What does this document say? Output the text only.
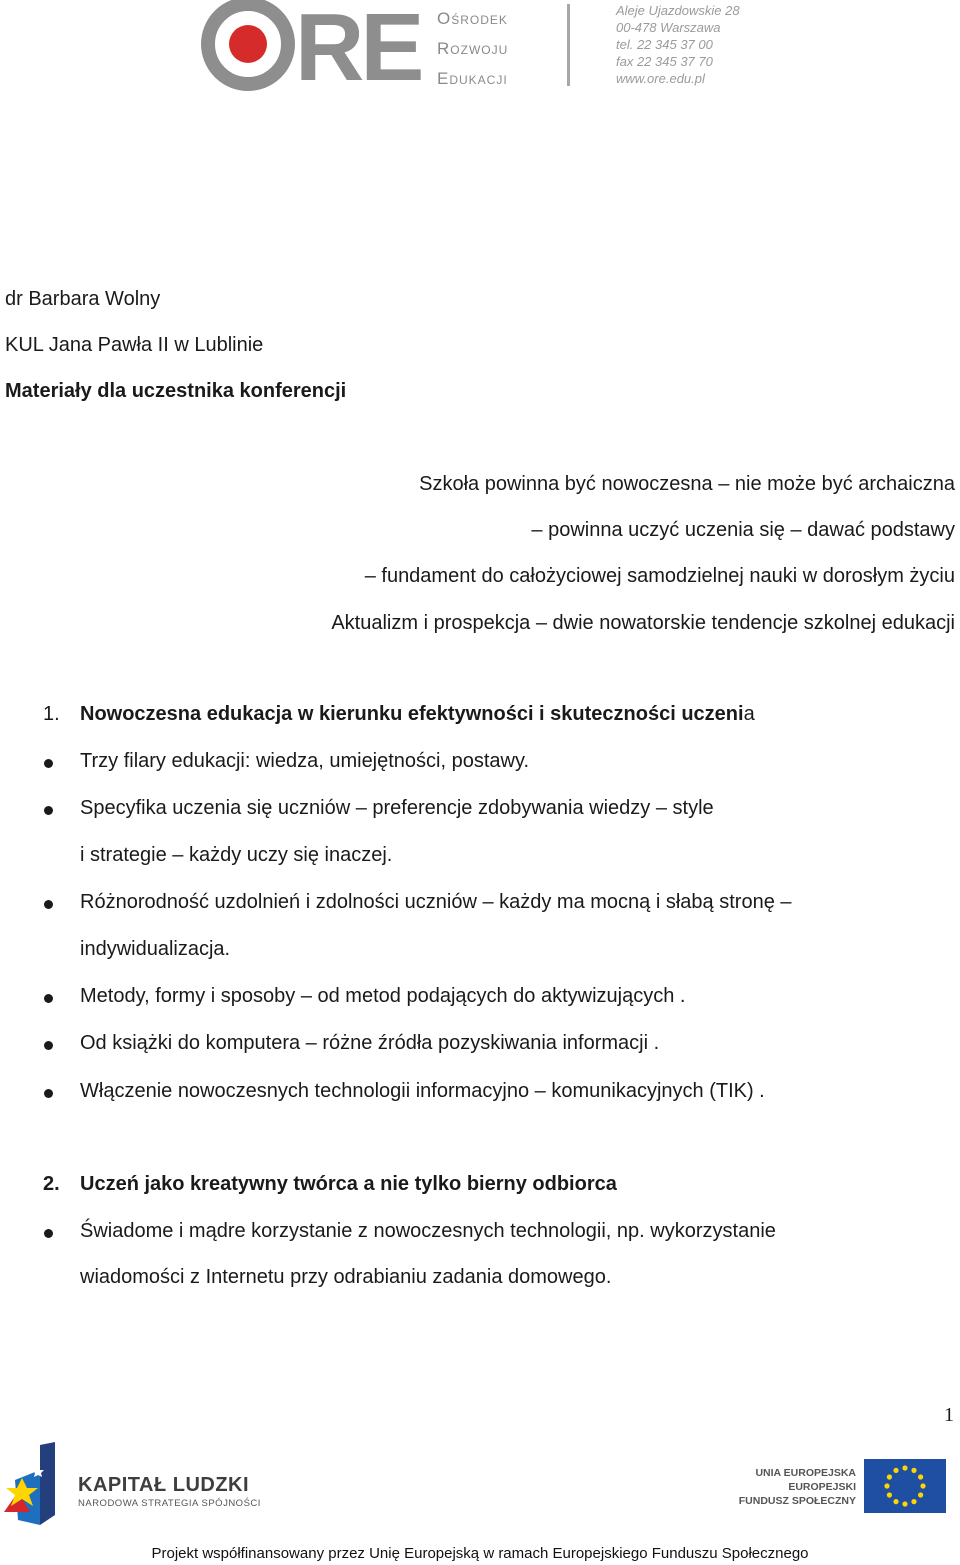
RE Ośrodek
Rozwoju
Edukacji
Aleje Ujazdowskie 28
00-478 Warszawa
tel. 22 345 37 00
fax 22 345 37 70
www.ore.edu.pl
dr Barbara Wolny
KUL Jana Pawła II w Lublinie
Materiały dla uczestnika konferencji
Szkoła powinna być nowoczesna – nie może być archaiczna
– powinna uczyć uczenia się – dawać podstawy
– fundament do całożyciowej samodzielnej nauki w dorosłym życiu
Aktualizm i prospekcja – dwie nowatorskie tendencje szkolnej edukacji
1. Nowoczesna edukacja w kierunku efektywności i skuteczności uczenia
Trzy filary edukacji: wiedza, umiejętności, postawy.
Specyfika uczenia się uczniów – preferencje zdobywania wiedzy – style
i strategie – każdy uczy się inaczej.
Różnorodność uzdolnień i zdolności uczniów – każdy ma mocną i słabą stronę –
indywidualizacja.
Metody, formy i sposoby – od metod podających do aktywizujących .
Od książki do komputera – różne źródła pozyskiwania informacji .
Włączenie nowoczesnych technologii informacyjno – komunikacyjnych (TIK) .
2. Uczeń jako kreatywny twórca a nie tylko bierny odbiorca
Świadome i mądre korzystanie z nowoczesnych technologii, np. wykorzystanie
wiadomości z Internetu przy odrabianiu zadania domowego.
1
KAPITAŁ LUDZKI
NARODOWA STRATEGIA SPÓJNOŚCI
UNIA EUROPEJSKA
EUROPEJSKI
FUNDUSZ SPOŁECZNY
Projekt współfinansowany przez Unię Europejską w ramach Europejskiego Funduszu Społecznego
